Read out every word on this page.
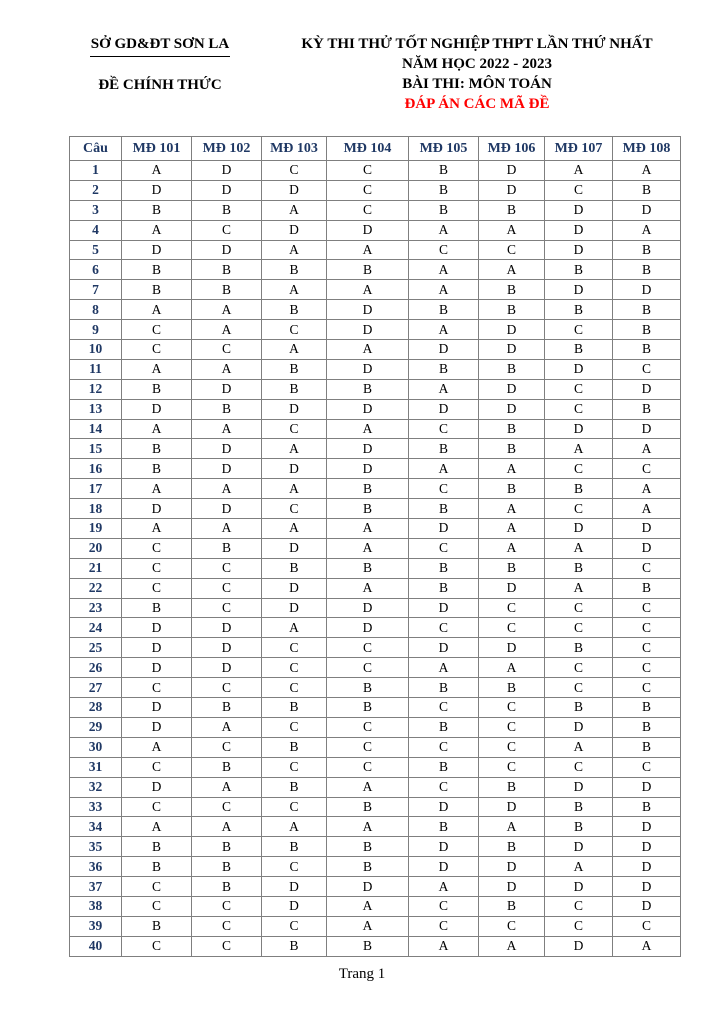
SỞ GD&ĐT SƠN LA
ĐỀ CHÍNH THỨC
KỲ THI THỬ TỐT NGHIỆP THPT LẦN THỨ NHẤT
NĂM HỌC 2022 - 2023
BÀI THI: MÔN TOÁN
ĐÁP ÁN CÁC MÃ ĐỀ
Câu	MĐ 101	MĐ 102	MĐ 103	MĐ 104	MĐ 105	MĐ 106	MĐ 107	MĐ 108
1	A	D	C	C	B	D	A	A
2	D	D	D	C	B	D	C	B
3	B	B	A	C	B	B	D	D
4	A	C	D	D	A	A	D	A
5	D	D	A	A	C	C	D	B
6	B	B	B	B	A	A	B	B
7	B	B	A	A	A	B	D	D
8	A	A	B	D	B	B	B	B
9	C	A	C	D	A	D	C	B
10	C	C	A	A	D	D	B	B
11	A	A	B	D	B	B	D	C
12	B	D	B	B	A	D	C	D
13	D	B	D	D	D	D	C	B
14	A	A	C	A	C	B	D	D
15	B	D	A	D	B	B	A	A
16	B	D	D	D	A	A	C	C
17	A	A	A	B	C	B	B	A
18	D	D	C	B	B	A	C	A
19	A	A	A	A	D	A	D	D
20	C	B	D	A	C	A	A	D
21	C	C	B	B	B	B	B	C
22	C	C	D	A	B	D	A	B
23	B	C	D	D	D	C	C	C
24	D	D	A	D	C	C	C	C
25	D	D	C	C	D	D	B	C
26	D	D	C	C	A	A	C	C
27	C	C	C	B	B	B	C	C
28	D	B	B	B	C	C	B	B
29	D	A	C	C	B	C	D	B
30	A	C	B	C	C	C	A	B
31	C	B	C	C	B	C	C	C
32	D	A	B	A	C	B	D	D
33	C	C	C	B	D	D	B	B
34	A	A	A	A	B	A	B	D
35	B	B	B	B	D	B	D	D
36	B	B	C	B	D	D	A	D
37	C	B	D	D	A	D	D	D
38	C	C	D	A	C	B	C	D
39	B	C	C	A	C	C	C	C
40	C	C	B	B	A	A	D	A
Trang 1
